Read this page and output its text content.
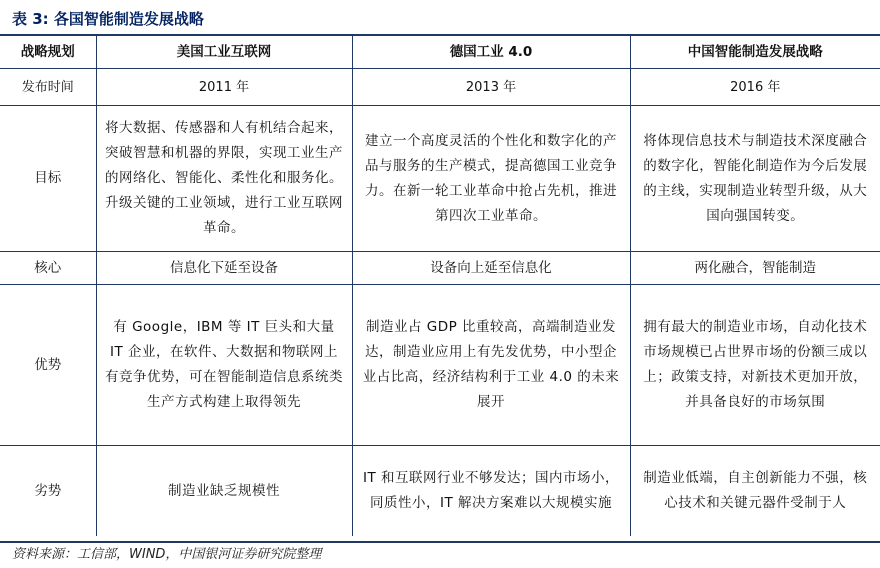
表 3: 各国智能制造发展战略
战略规划	美国工业互联网	德国工业 4.0	中国智能制造发展战略
发布时间	2011 年	2013 年	2016 年
目标	将大数据、传感器和人有机结合起来，突破智慧和机器的界限，实现工业生产的网络化、智能化、柔性化和服务化。升级关键的工业领域，进行工业互联网革命。	建立一个高度灵活的个性化和数字化的产品与服务的生产模式，提高德国工业竞争力。在新一轮工业革命中抢占先机，推进第四次工业革命。	将体现信息技术与制造技术深度融合的数字化，智能化制造作为今后发展的主线，实现制造业转型升级，从大国向强国转变。
核心	信息化下延至设备	设备向上延至信息化	两化融合，智能制造
优势	有 Google，IBM 等 IT 巨头和大量 IT 企业，在软件、大数据和物联网上有竞争优势，可在智能制造信息系统类生产方式构建上取得领先	制造业占 GDP 比重较高，高端制造业发达，制造业应用上有先发优势，中小型企业占比高，经济结构利于工业 4.0 的未来展开	拥有最大的制造业市场，自动化技术市场规模已占世界市场的份额三成以上；政策支持，对新技术更加开放，并具备良好的市场氛围
劣势	制造业缺乏规模性	IT 和互联网行业不够发达；国内市场小，同质性小，IT 解决方案难以大规模实施	制造业低端，自主创新能力不强，核心技术和关键元器件受制于人
资料来源：工信部，WIND，中国银河证券研究院整理
